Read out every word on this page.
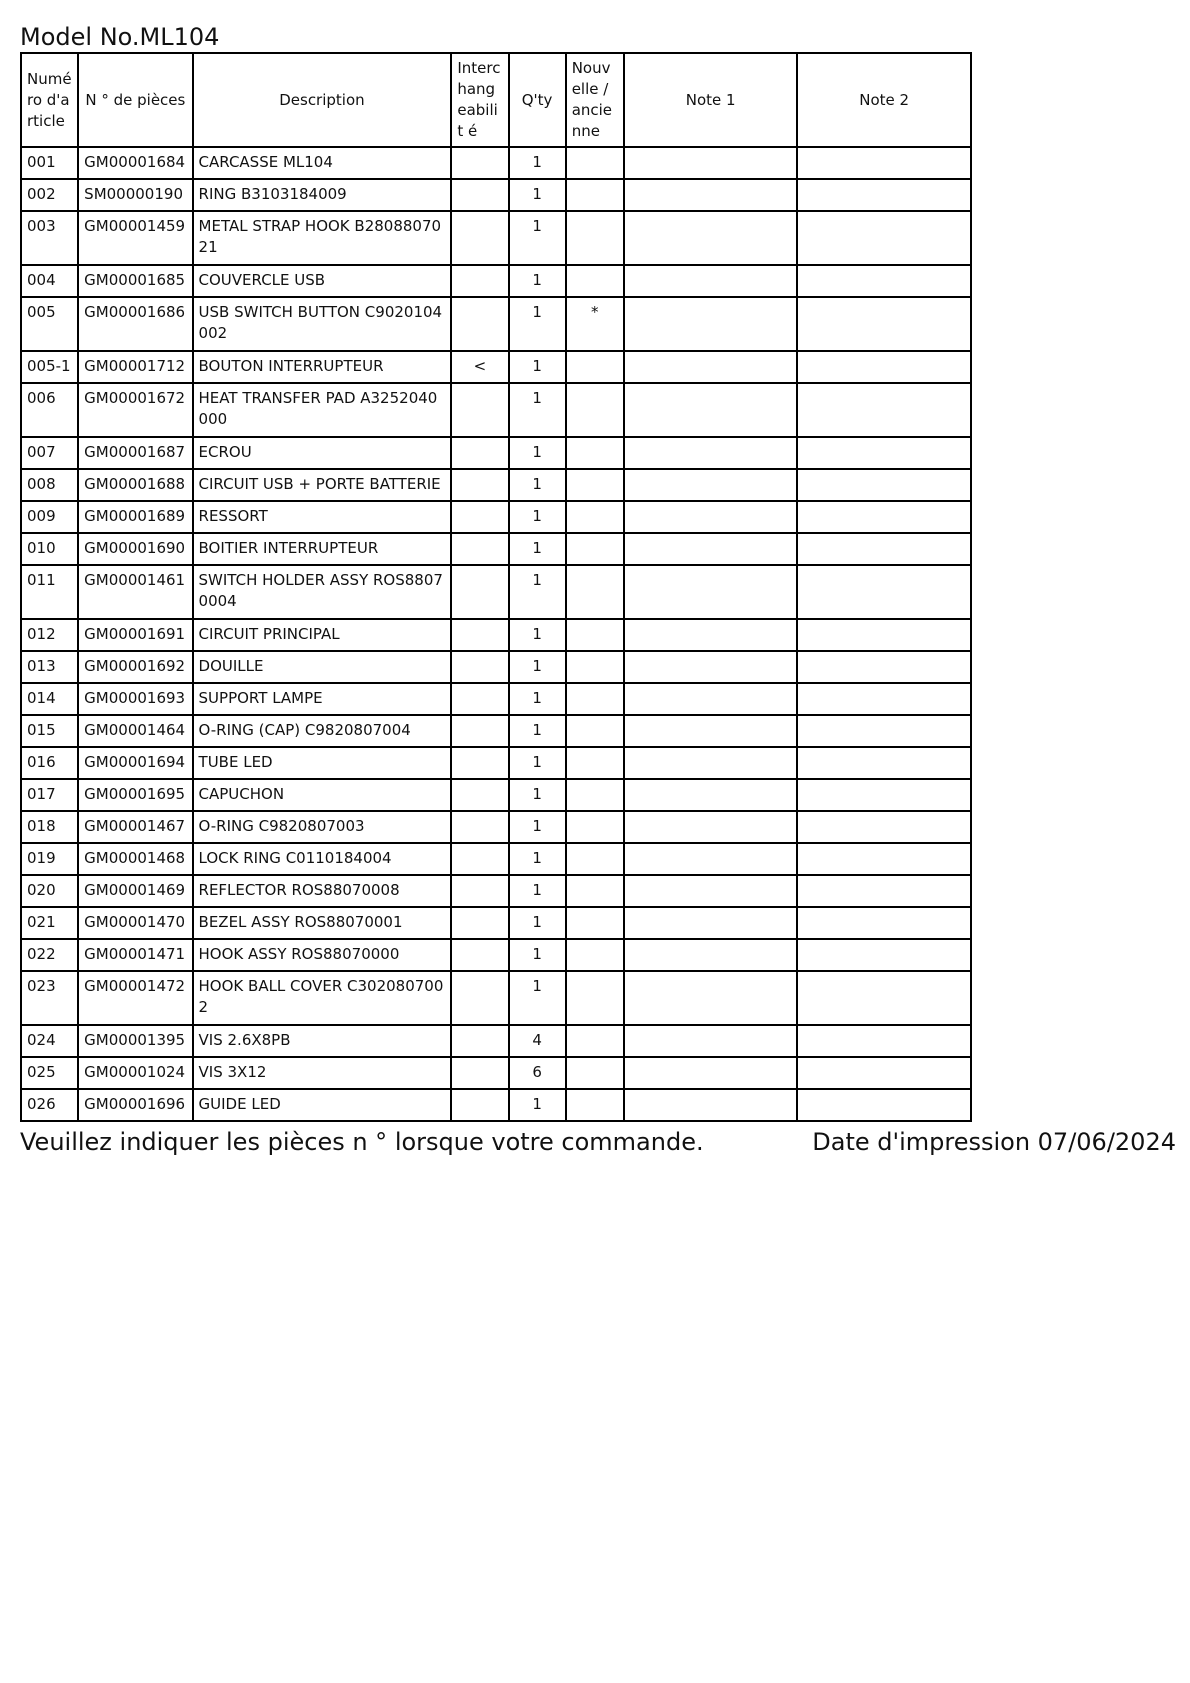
Model No.ML104
Numé ro d'a rticle	N ° de pièces	Description	Interc hang eabilit é	Q'ty	Nouv elle / ancie nne	Note 1	Note 2
001	GM00001684	CARCASSE ML104		1			
002	SM00000190	RING B3103184009		1			
003	GM00001459	METAL STRAP HOOK B2808807021		1			
004	GM00001685	COUVERCLE USB		1			
005	GM00001686	USB SWITCH BUTTON C9020104002		1	*		
005-1	GM00001712	BOUTON INTERRUPTEUR	<	1			
006	GM00001672	HEAT TRANSFER PAD A3252040000		1			
007	GM00001687	ECROU		1			
008	GM00001688	CIRCUIT USB + PORTE BATTERIE		1			
009	GM00001689	RESSORT		1			
010	GM00001690	BOITIER INTERRUPTEUR		1			
011	GM00001461	SWITCH HOLDER ASSY ROS88070004		1			
012	GM00001691	CIRCUIT PRINCIPAL		1			
013	GM00001692	DOUILLE		1			
014	GM00001693	SUPPORT LAMPE		1			
015	GM00001464	O-RING (CAP) C9820807004		1			
016	GM00001694	TUBE LED		1			
017	GM00001695	CAPUCHON		1			
018	GM00001467	O-RING C9820807003		1			
019	GM00001468	LOCK RING C0110184004		1			
020	GM00001469	REFLECTOR ROS88070008		1			
021	GM00001470	BEZEL ASSY ROS88070001		1			
022	GM00001471	HOOK ASSY ROS88070000		1			
023	GM00001472	HOOK BALL COVER C3020807002		1			
024	GM00001395	VIS 2.6X8PB		4			
025	GM00001024	VIS 3X12		6			
026	GM00001696	GUIDE LED		1			
Veuillez indiquer les pièces n ° lorsque votre commande.	Date d'impression 07/06/2024
